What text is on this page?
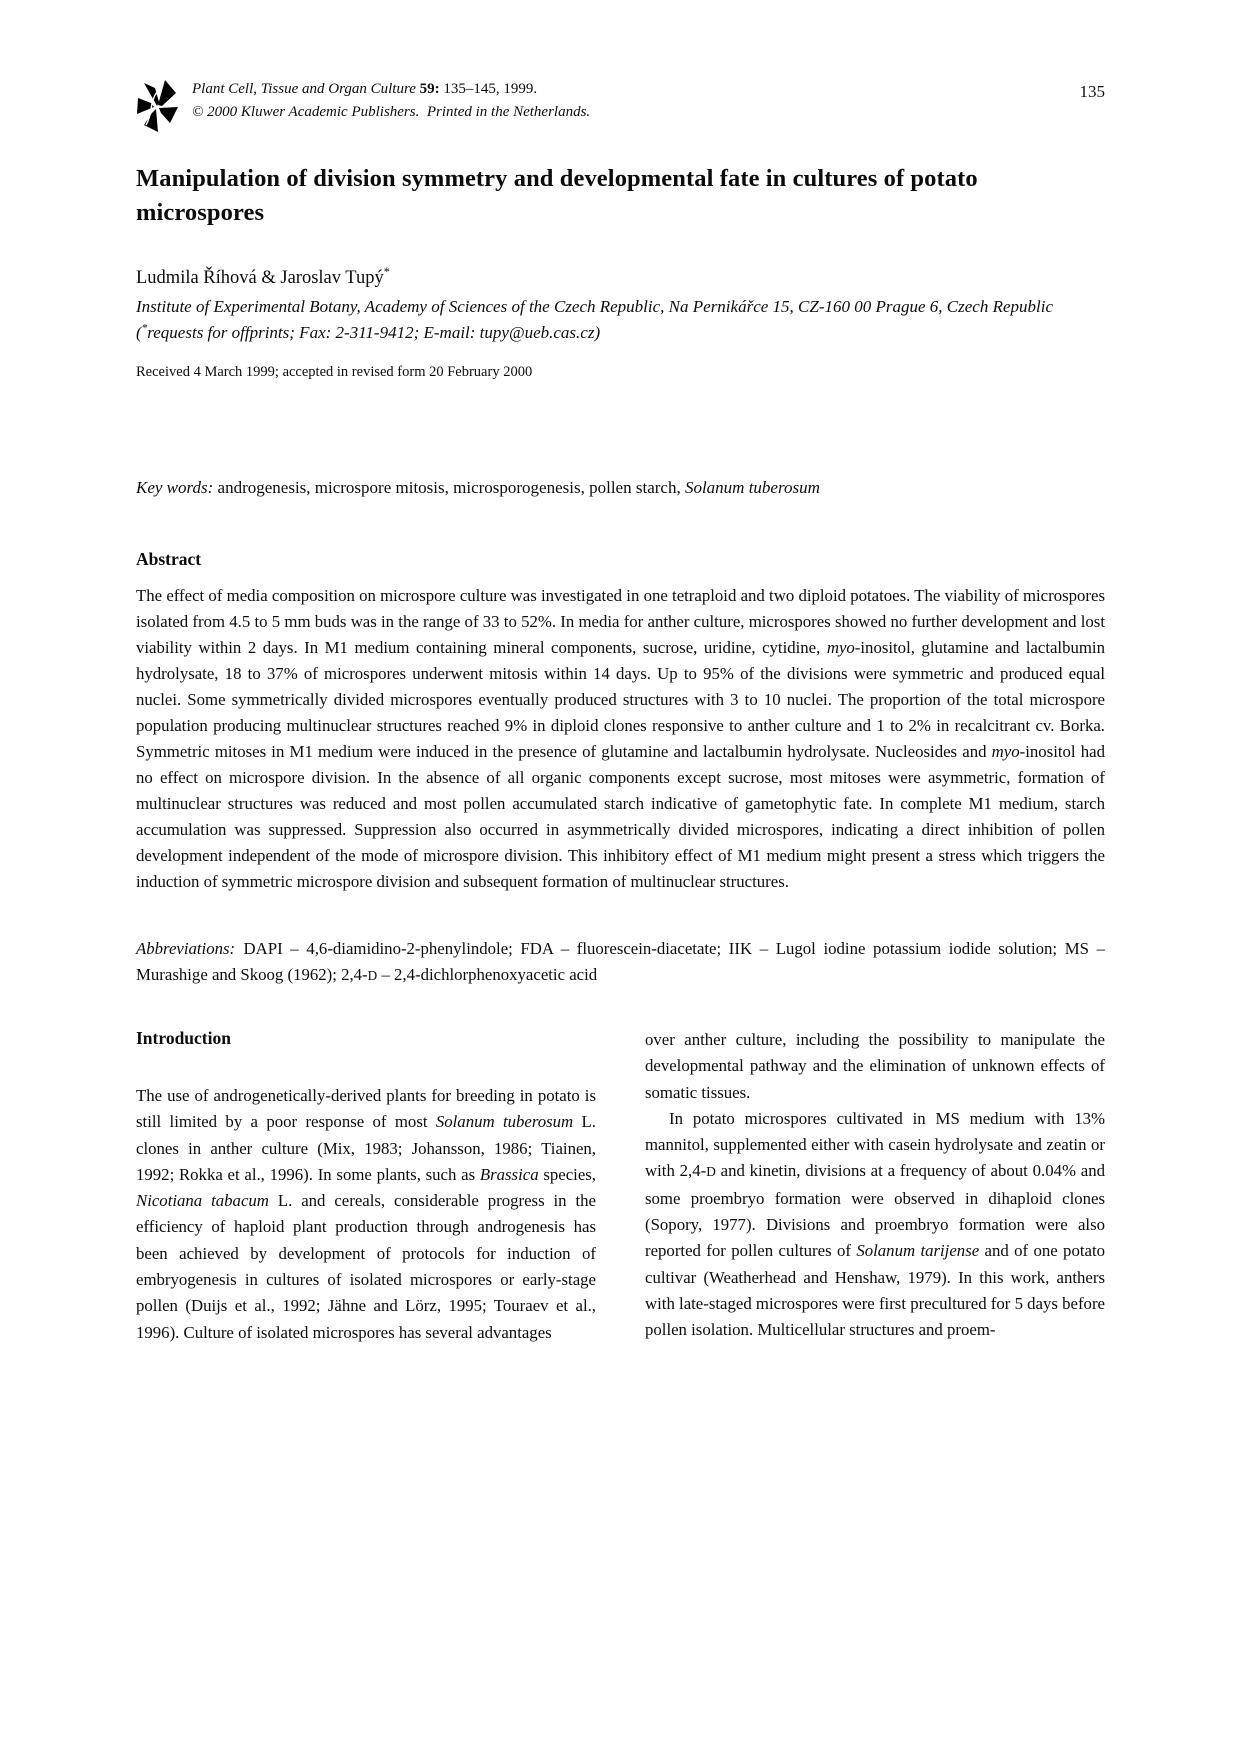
Plant Cell, Tissue and Organ Culture 59: 135–145, 1999.
© 2000 Kluwer Academic Publishers. Printed in the Netherlands.
135
Manipulation of division symmetry and developmental fate in cultures of potato microspores
Ludmila Říhová & Jaroslav Tupý*
Institute of Experimental Botany, Academy of Sciences of the Czech Republic, Na Pernikářce 15, CZ-160 00 Prague 6, Czech Republic (*requests for offprints; Fax: 2-311-9412; E-mail: tupy@ueb.cas.cz)
Received 4 March 1999; accepted in revised form 20 February 2000
Key words: androgenesis, microspore mitosis, microsporogenesis, pollen starch, Solanum tuberosum
Abstract
The effect of media composition on microspore culture was investigated in one tetraploid and two diploid potatoes. The viability of microspores isolated from 4.5 to 5 mm buds was in the range of 33 to 52%. In media for anther culture, microspores showed no further development and lost viability within 2 days. In M1 medium containing mineral components, sucrose, uridine, cytidine, myo-inositol, glutamine and lactalbumin hydrolysate, 18 to 37% of microspores underwent mitosis within 14 days. Up to 95% of the divisions were symmetric and produced equal nuclei. Some symmetrically divided microspores eventually produced structures with 3 to 10 nuclei. The proportion of the total microspore population producing multinuclear structures reached 9% in diploid clones responsive to anther culture and 1 to 2% in recalcitrant cv. Borka. Symmetric mitoses in M1 medium were induced in the presence of glutamine and lactalbumin hydrolysate. Nucleosides and myo-inositol had no effect on microspore division. In the absence of all organic components except sucrose, most mitoses were asymmetric, formation of multinuclear structures was reduced and most pollen accumulated starch indicative of gametophytic fate. In complete M1 medium, starch accumulation was suppressed. Suppression also occurred in asymmetrically divided microspores, indicating a direct inhibition of pollen development independent of the mode of microspore division. This inhibitory effect of M1 medium might present a stress which triggers the induction of symmetric microspore division and subsequent formation of multinuclear structures.
Abbreviations: DAPI – 4,6-diamidino-2-phenylindole; FDA – fluorescein-diacetate; IIK – Lugol iodine potassium iodide solution; MS – Murashige and Skoog (1962); 2,4-D – 2,4-dichlorphenoxyacetic acid
Introduction
The use of androgenetically-derived plants for breeding in potato is still limited by a poor response of most Solanum tuberosum L. clones in anther culture (Mix, 1983; Johansson, 1986; Tiainen, 1992; Rokka et al., 1996). In some plants, such as Brassica species, Nicotiana tabacum L. and cereals, considerable progress in the efficiency of haploid plant production through androgenesis has been achieved by development of protocols for induction of embryogenesis in cultures of isolated microspores or early-stage pollen (Duijs et al., 1992; Jähne and Lörz, 1995; Touraev et al., 1996). Culture of isolated microspores has several advantages
over anther culture, including the possibility to manipulate the developmental pathway and the elimination of unknown effects of somatic tissues.
In potato microspores cultivated in MS medium with 13% mannitol, supplemented either with casein hydrolysate and zeatin or with 2,4-D and kinetin, divisions at a frequency of about 0.04% and some proembryo formation were observed in dihaploid clones (Sopory, 1977). Divisions and proembryo formation were also reported for pollen cultures of Solanum tarijense and of one potato cultivar (Weatherhead and Henshaw, 1979). In this work, anthers with late-staged microspores were first precultured for 5 days before pollen isolation. Multicellular structures and proem-
